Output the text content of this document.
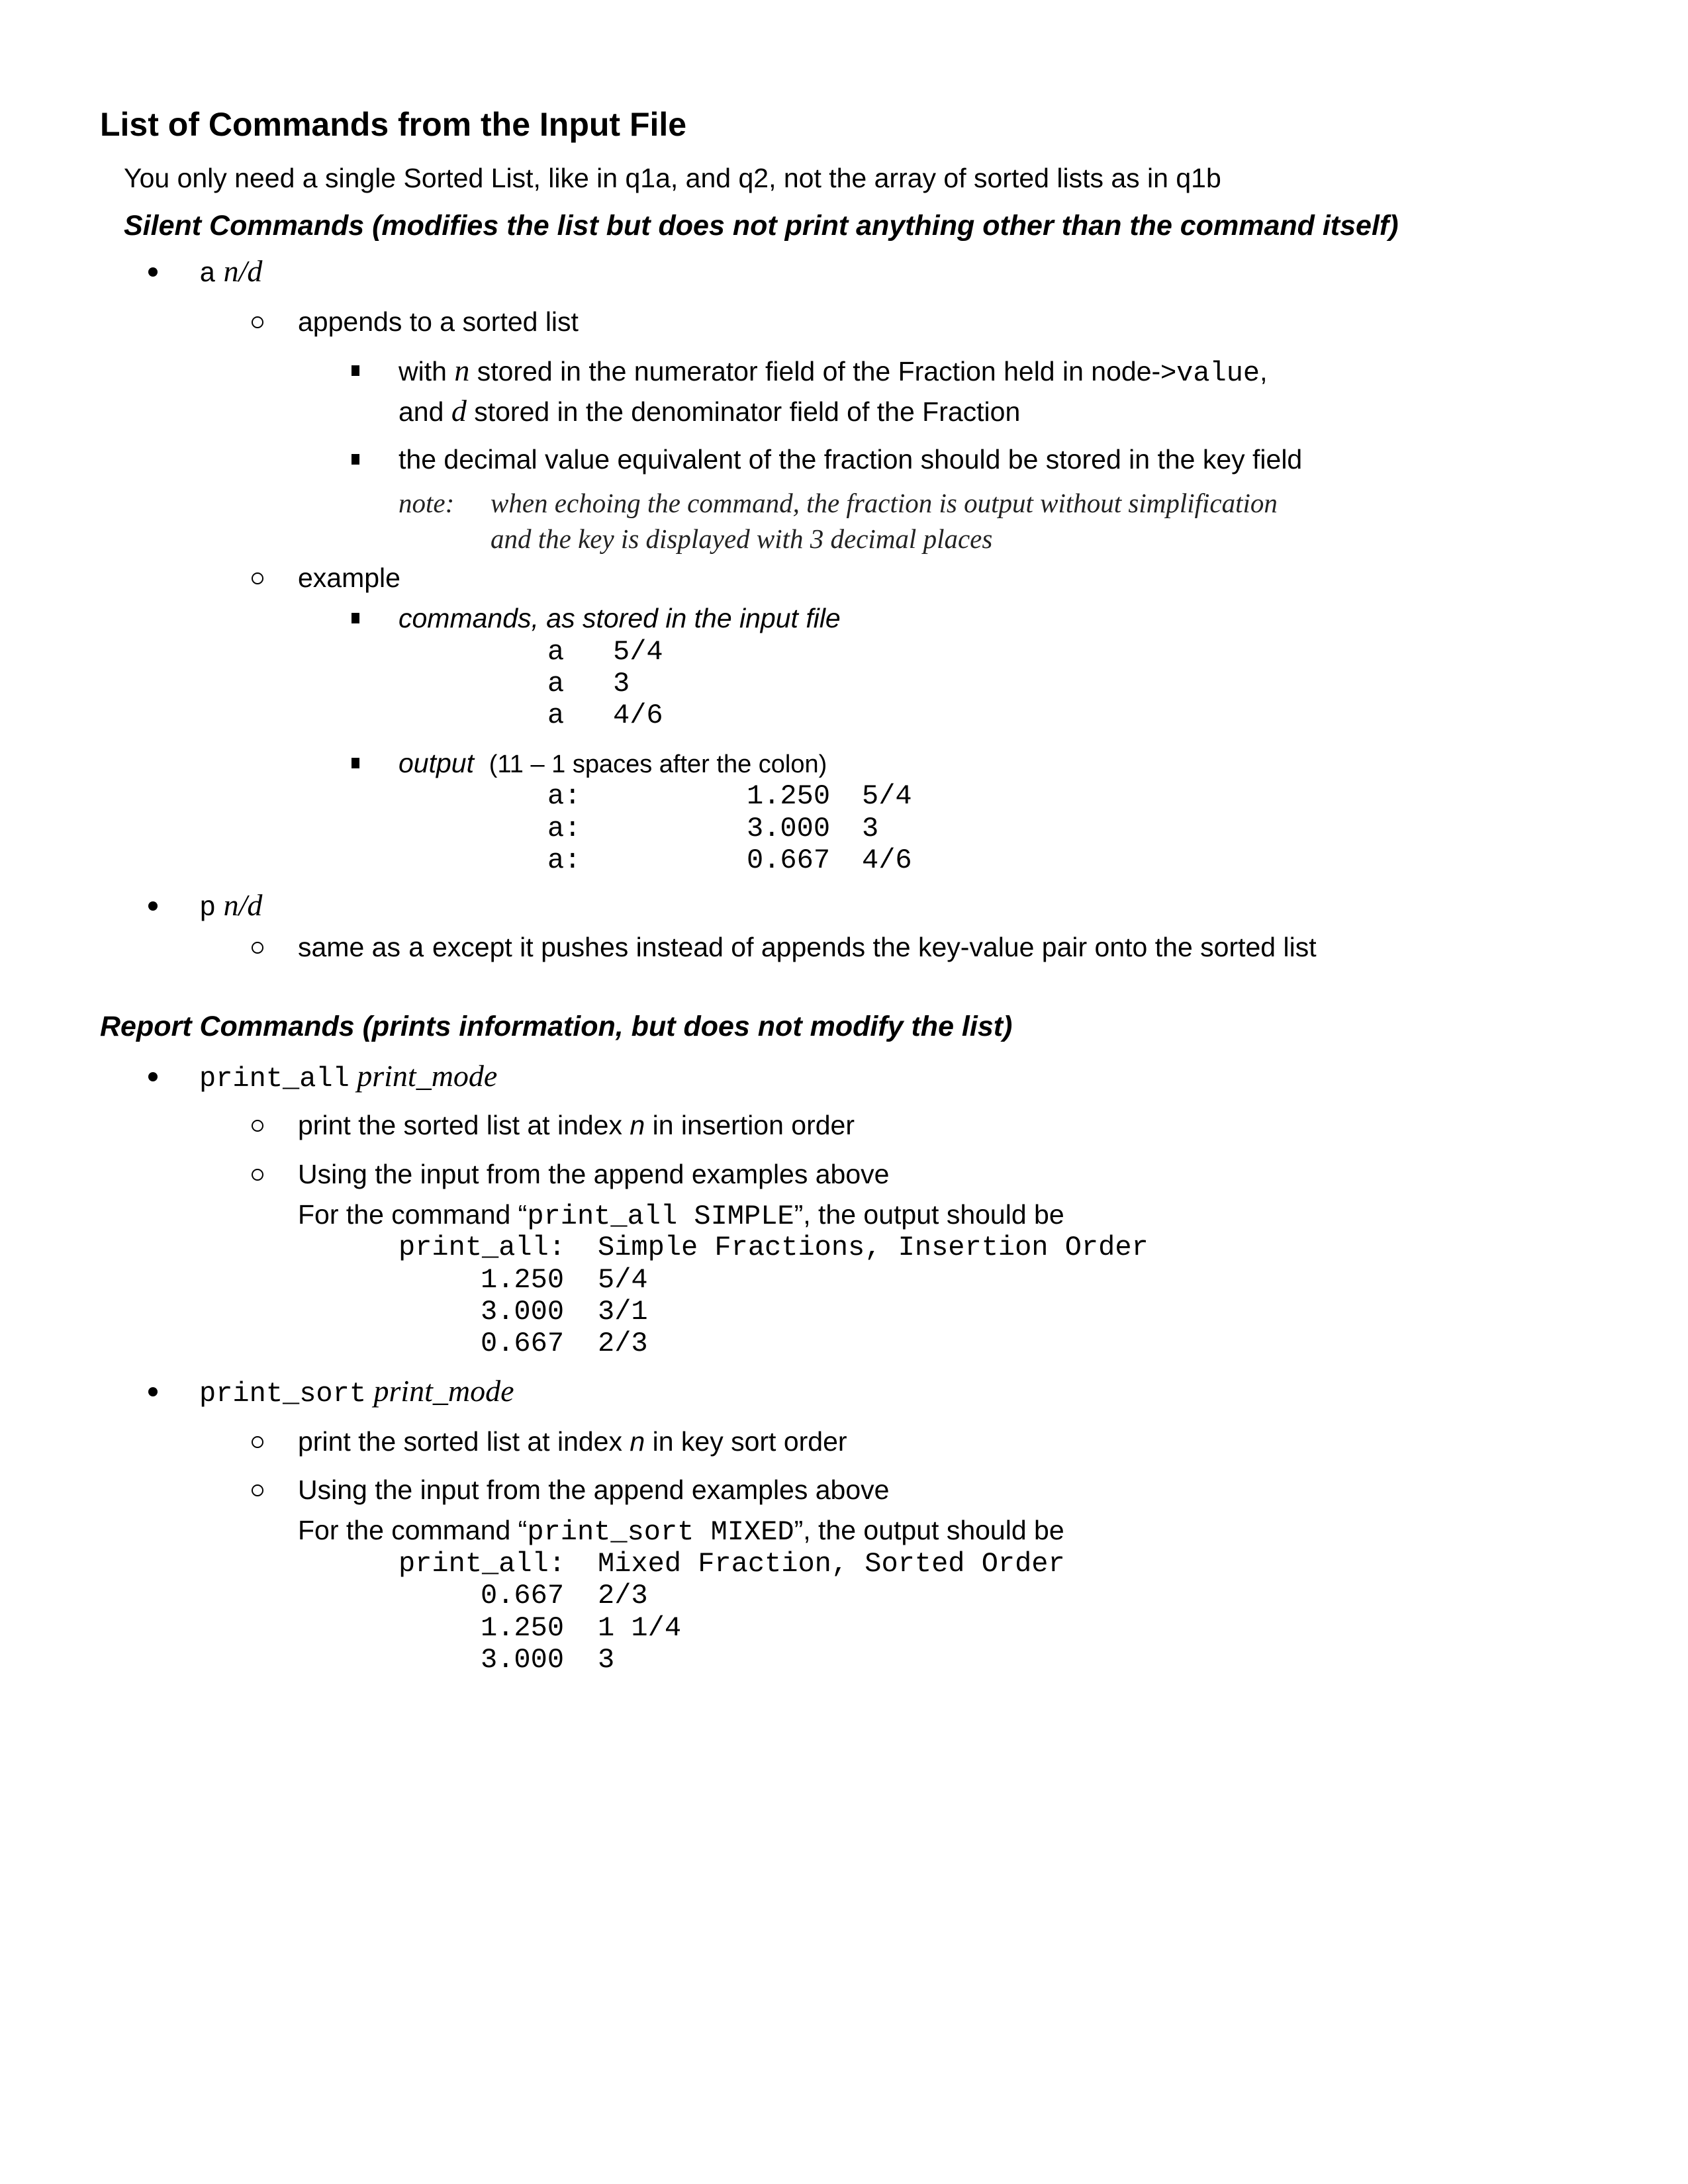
List of Commands from the Input File
You only need a single Sorted List, like in q1a, and q2, not the array of sorted lists as in q1b
Silent Commands (modifies the list but does not print anything other than the command itself)
a n/d
appends to a sorted list
with n stored in the numerator field of the Fraction held in node->value,
and d stored in the denominator field of the Fraction
the decimal value equivalent of the fraction should be stored in the key field
note: when echoing the command, the fraction is output without simplification
and the key is displayed with 3 decimal places
example
commands, as stored in the input file
a 5/4
a 3
a 4/6
output (11 – 1 spaces after the colon)
a:	1.250 5/4
a:	3.000 3
a:	0.667 4/6
p n/d
same as a except it pushes instead of appends the key-value pair onto the sorted list
Report Commands (prints information, but does not modify the list)
print_all print_mode
print the sorted list at index n in insertion order
Using the input from the append examples above
For the command “print_all SIMPLE”, the output should be
print_all: Simple Fractions, Insertion Order
1.250 5/4
3.000 3/1
0.667 2/3
print_sort print_mode
print the sorted list at index n in key sort order
Using the input from the append examples above
For the command “print_sort MIXED”, the output should be
print_all: Mixed Fraction, Sorted Order
0.667 2/3
1.250 1 1/4
3.000 3
